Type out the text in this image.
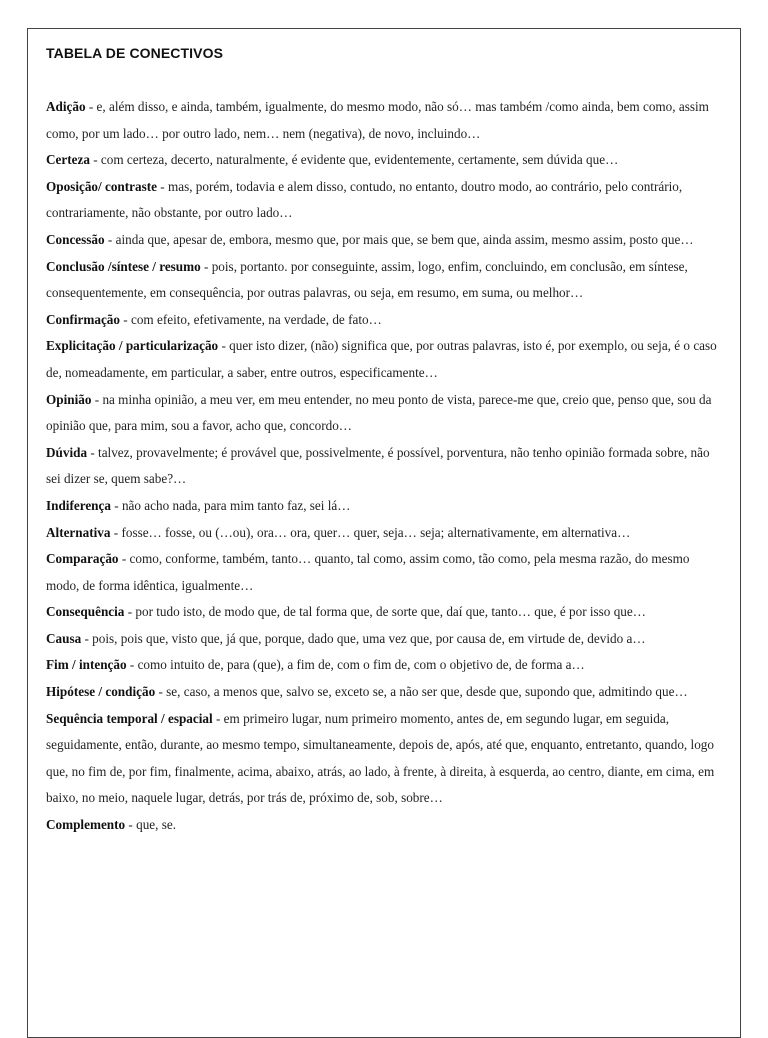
TABELA DE CONECTIVOS

Adição - e, além disso, e ainda, também, igualmente, do mesmo modo, não só… mas também /como ainda, bem como, assim como, por um lado… por outro lado, nem… nem (negativa), de novo, incluindo…

Certeza - com certeza, decerto, naturalmente, é evidente que, evidentemente, certamente, sem dúvida que…

Oposição/ contraste - mas, porém, todavia e alem disso, contudo, no entanto, doutro modo, ao contrário, pelo contrário, contrariamente, não obstante, por outro lado…

Concessão - ainda que, apesar de, embora, mesmo que, por mais que, se bem que, ainda assim, mesmo assim, posto que…

Conclusão /síntese / resumo - pois, portanto. por conseguinte, assim, logo, enfim, concluindo, em conclusão, em síntese, consequentemente, em consequência, por outras palavras, ou seja, em resumo, em suma, ou melhor…

Confirmação - com efeito, efetivamente, na verdade, de fato…

Explicitação / particularização - quer isto dizer, (não) significa que, por outras palavras, isto é, por exemplo, ou seja, é o caso de, nomeadamente, em particular, a saber, entre outros, especificamente…

Opinião - na minha opinião, a meu ver, em meu entender, no meu ponto de vista, parece-me que, creio que, penso que, sou da opinião que, para mim, sou a favor, acho que, concordo…

Dúvida - talvez, provavelmente; é provável que, possivelmente, é possível, porventura, não tenho opinião formada sobre, não sei dizer se, quem sabe?…

Indiferença - não acho nada, para mim tanto faz, sei lá…

Alternativa - fosse… fosse, ou (…ou), ora… ora, quer… quer, seja… seja; alternativamente, em alternativa…

Comparação - como, conforme, também, tanto… quanto, tal como, assim como, tão como, pela mesma razão, do mesmo modo, de forma idêntica, igualmente…

Consequência - por tudo isto, de modo que, de tal forma que, de sorte que, daí que, tanto… que, é por isso que…

Causa - pois, pois que, visto que, já que, porque, dado que, uma vez que, por causa de, em virtude de, devido a…

Fim / intenção - como intuito de, para (que), a fim de, com o fim de, com o objetivo de, de forma a…

Hipótese / condição - se, caso, a menos que, salvo se, exceto se, a não ser que, desde que, supondo que, admitindo que…

Sequência temporal / espacial - em primeiro lugar, num primeiro momento, antes de, em segundo lugar, em seguida, seguidamente, então, durante, ao mesmo tempo, simultaneamente, depois de, após, até que, enquanto, entretanto, quando, logo que, no fim de, por fim, finalmente, acima, abaixo, atrás, ao lado, à frente, à direita, à esquerda, ao centro, diante, em cima, em baixo, no meio, naquele lugar, detrás, por trás de, próximo de, sob, sobre…

Complemento - que, se.
